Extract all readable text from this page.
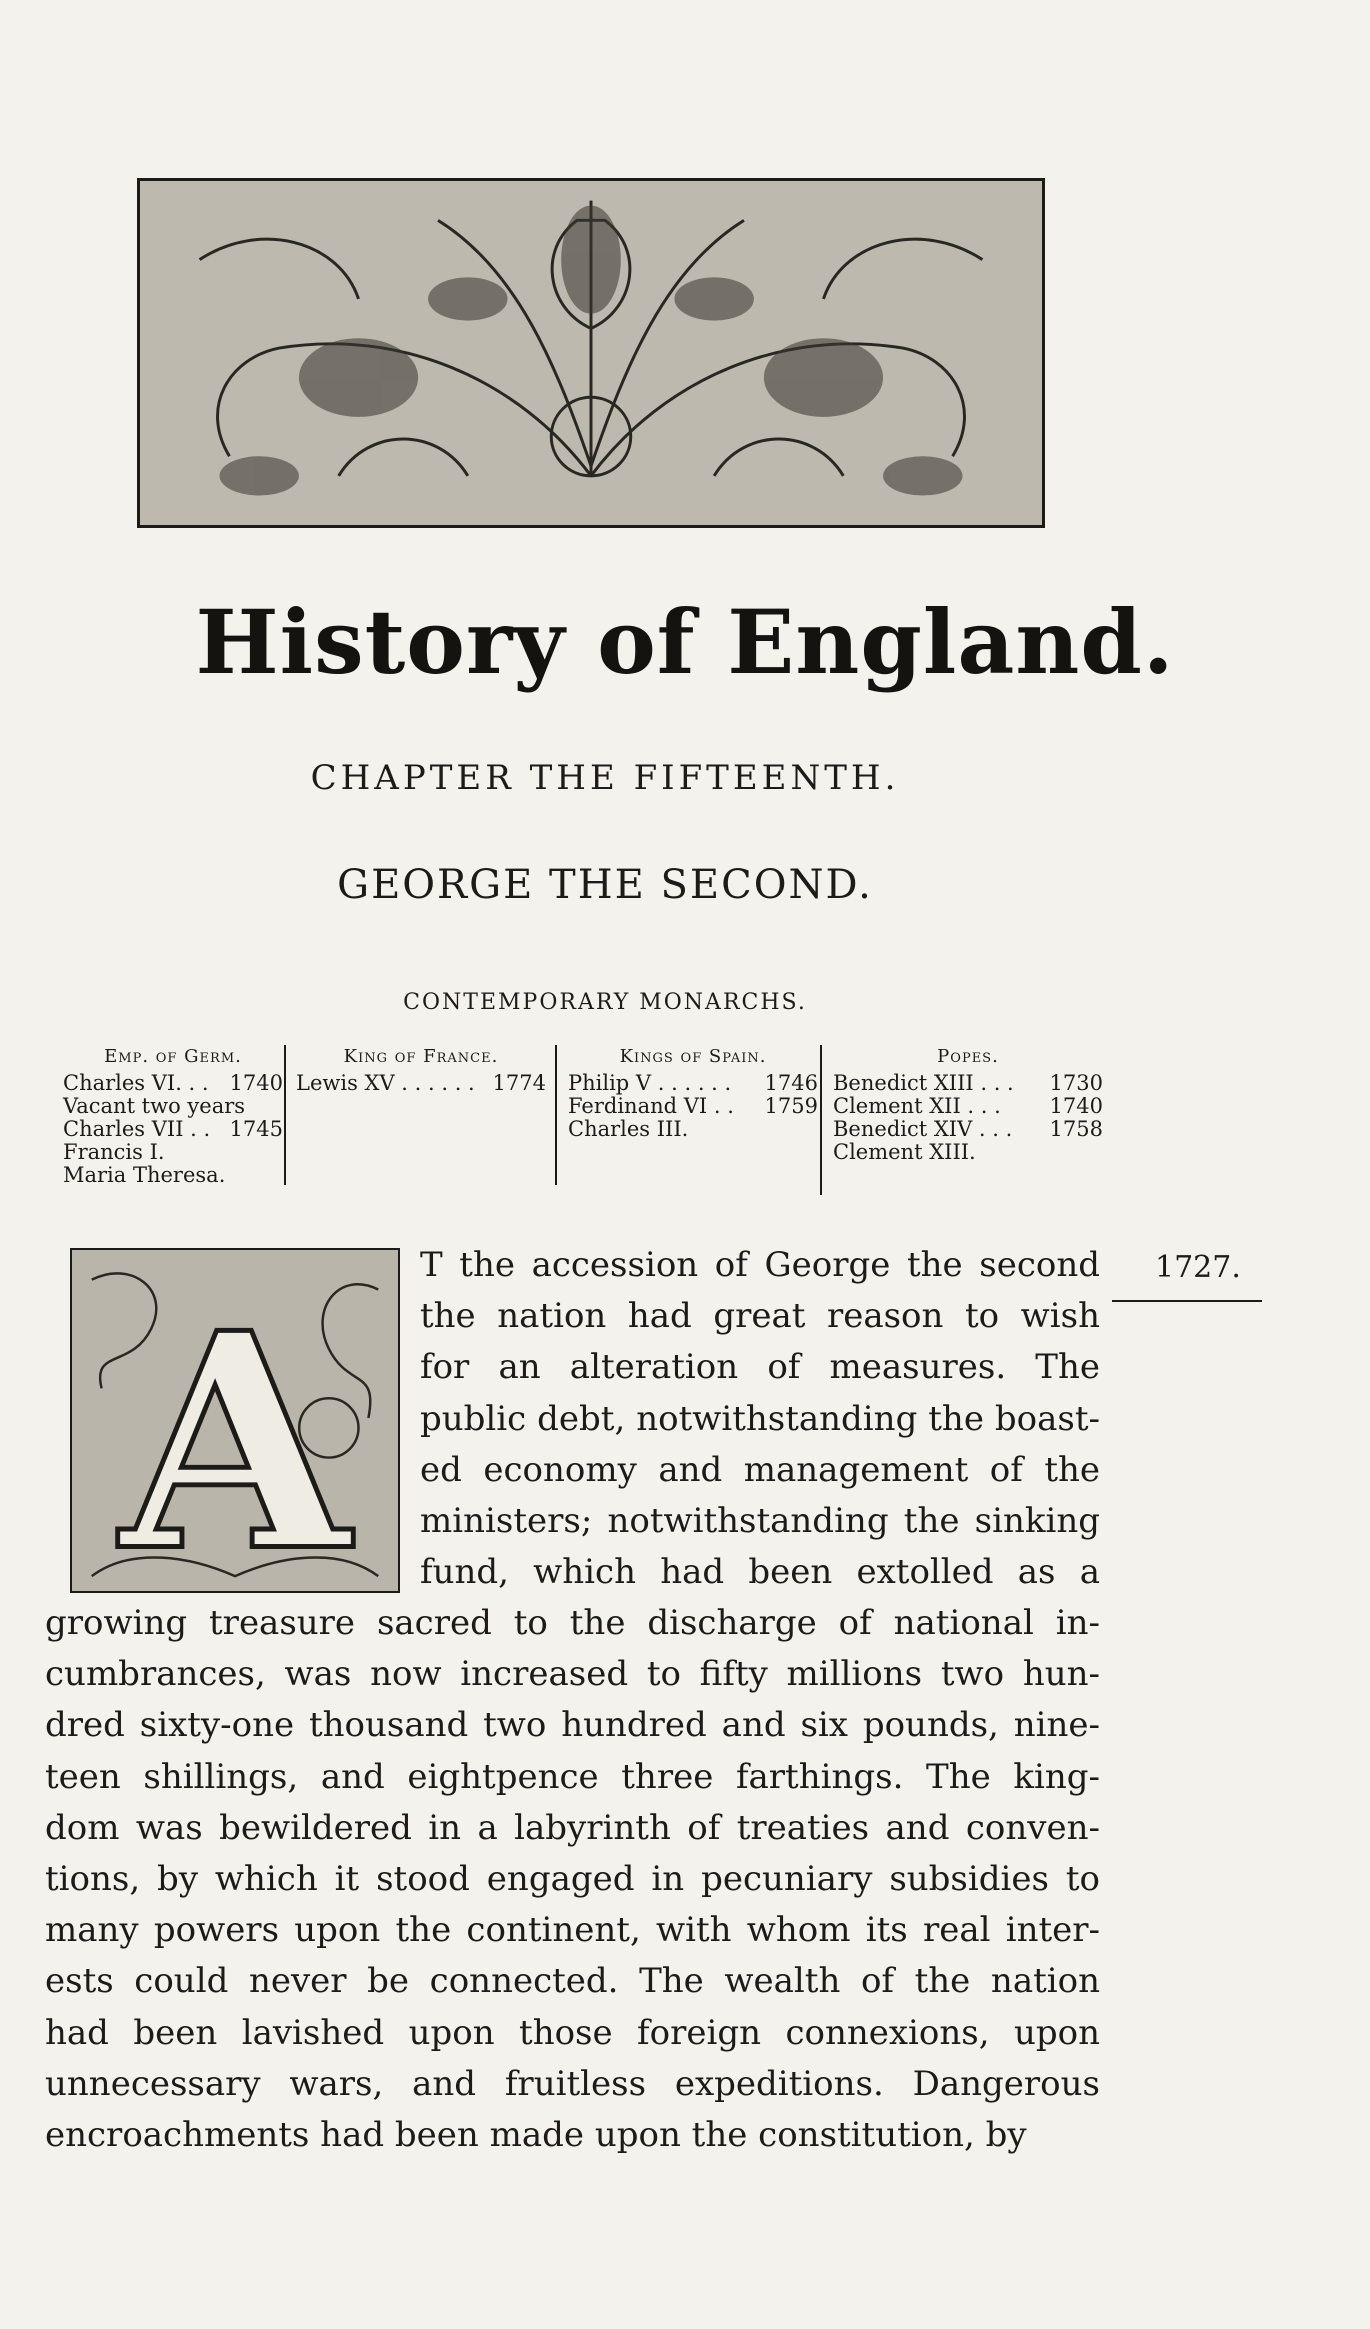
History of England.
CHAPTER THE FIFTEENTH.
GEORGE THE SECOND.
CONTEMPORARY MONARCHS.
Emp. of Germ.
Charles VI. . . 1740
Vacant two years
Charles VII . . 1745
Francis I.
Maria Theresa.
King of France.
Lewis XV . . . . . . 1774
Kings of Spain.
Philip V . . . . . . 1746
Ferdinand VI . . 1759
Charles III.
Popes.
Benedict XIII . . . 1730
Clement XII . . . 1740
Benedict XIV . . . 1758
Clement XIII.
1727.
A
T the accession of George the second
the nation had great reason to wish
for an alteration of measures. The
public debt, notwithstanding the boast-
ed economy and management of the
ministers; notwithstanding the sinking
fund, which had been extolled as a
growing treasure sacred to the discharge of national in-
cumbrances, was now increased to fifty millions two hun-
dred sixty-one thousand two hundred and six pounds, nine-
teen shillings, and eightpence three farthings. The king-
dom was bewildered in a labyrinth of treaties and conven-
tions, by which it stood engaged in pecuniary subsidies to
many powers upon the continent, with whom its real inter-
ests could never be connected. The wealth of the nation
had been lavished upon those foreign connexions, upon
unnecessary wars, and fruitless expeditions. Dangerous
encroachments had been made upon the constitution, by
